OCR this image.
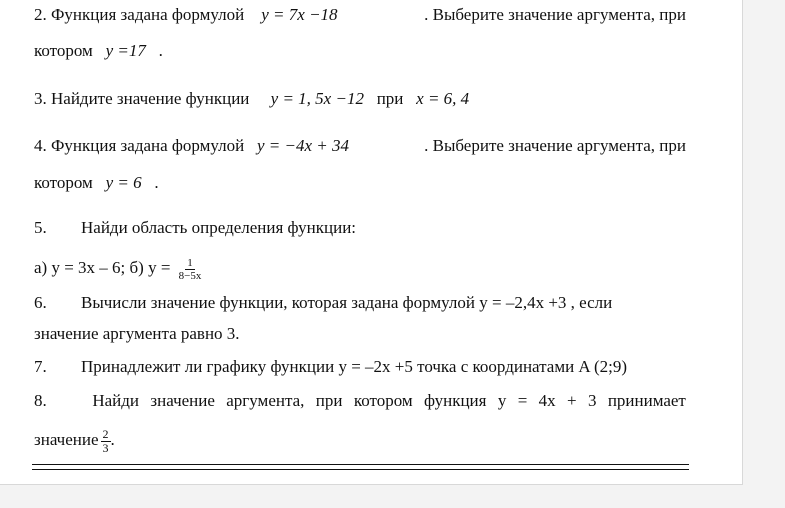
2. Функция задана формулой y = 7x −18	. Выберите значение аргумента, при
котором y =17 .
3. Найдите значение функции y = 1, 5x −12 при x = 6, 4
4. Функция задана формулой y = −4x + 34	. Выберите значение аргумента, при
котором y = 6 .
5. Найди область определения функции:
а) y = 3x – 6; б) $y = \frac{1}{8-5x}$
6. Вычисли значение функции, которая задана формулой y = –2,4x +3 , если
значение аргумента равно 3.
7. Принадлежит ли графику функции y = –2x +5 точка с координатами A (2;9)
8.	Найди значение аргумента, при котором функция y = 4x + 3 принимает
значение $\frac{2}{3}$ .
